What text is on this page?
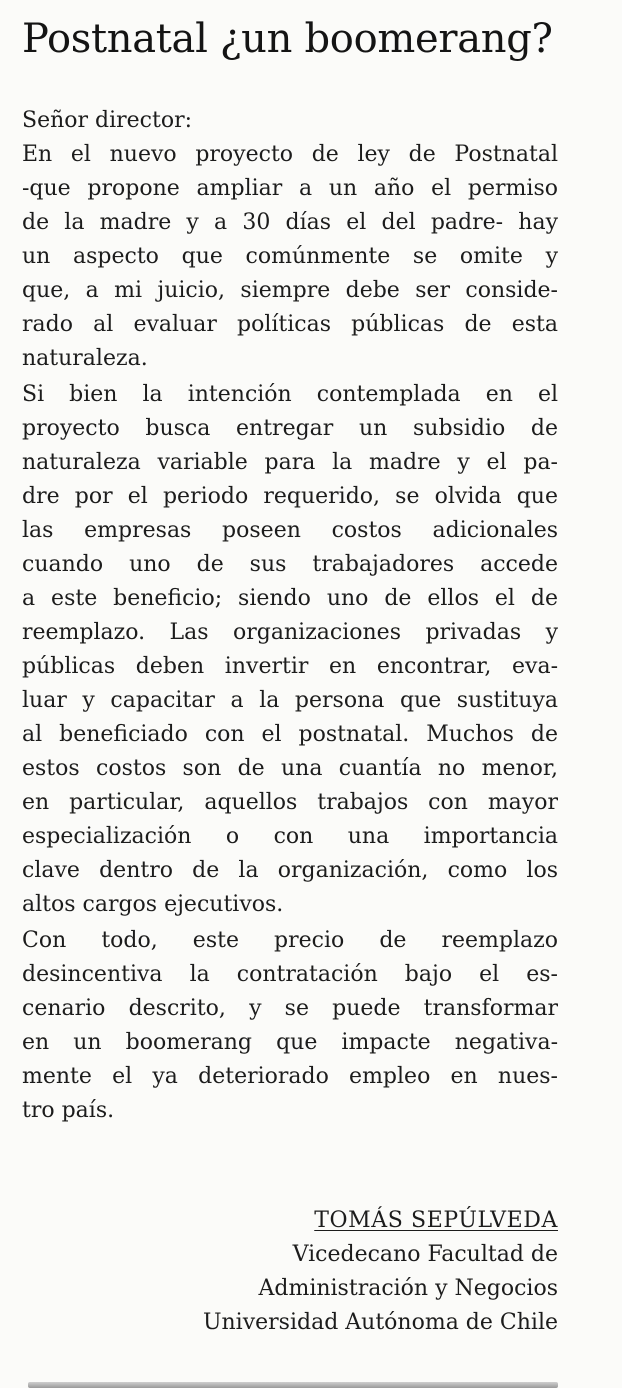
Postnatal ¿un boomerang?
Señor director:
En el nuevo proyecto de ley de Postnatal
-que propone ampliar a un año el permiso
de la madre y a 30 días el del padre- hay
un aspecto que comúnmente se omite y
que, a mi juicio, siempre debe ser conside-
rado al evaluar políticas públicas de esta
naturaleza.
Si bien la intención contemplada en el
proyecto busca entregar un subsidio de
naturaleza variable para la madre y el pa-
dre por el periodo requerido, se olvida que
las empresas poseen costos adicionales
cuando uno de sus trabajadores accede
a este beneficio; siendo uno de ellos el de
reemplazo. Las organizaciones privadas y
públicas deben invertir en encontrar, eva-
luar y capacitar a la persona que sustituya
al beneficiado con el postnatal. Muchos de
estos costos son de una cuantía no menor,
en particular, aquellos trabajos con mayor
especialización o con una importancia
clave dentro de la organización, como los
altos cargos ejecutivos.
Con todo, este precio de reemplazo
desincentiva la contratación bajo el es-
cenario descrito, y se puede transformar
en un boomerang que impacte negativa-
mente el ya deteriorado empleo en nues-
tro país.
TOMÁS SEPÚLVEDA
Vicedecano Facultad de
Administración y Negocios
Universidad Autónoma de Chile
